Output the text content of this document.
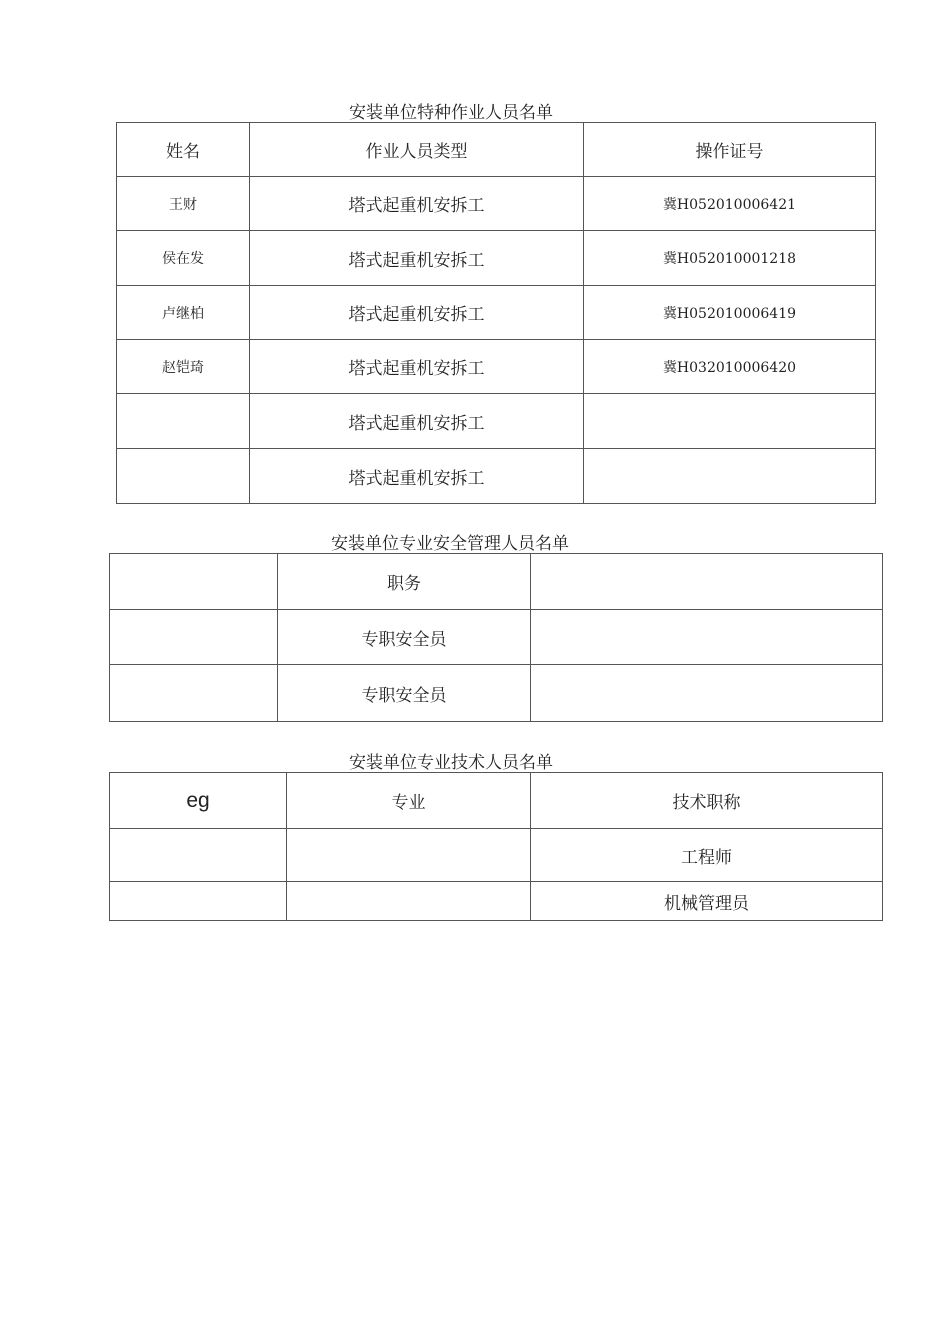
安装单位特种作业人员名单
姓名	作业人员类型	操作证号
王财	塔式起重机安拆工	冀H052010006421
侯在发	塔式起重机安拆工	冀H052010001218
卢继柏	塔式起重机安拆工	冀H052010006419
赵铠琦	塔式起重机安拆工	冀H032010006420
	塔式起重机安拆工	
	塔式起重机安拆工	
安装单位专业安全管理人员名单
	职务	
	专职安全员	
	专职安全员	
安装单位专业技术人员名单
eg	专业	技术职称
		工程师
		机械管理员
